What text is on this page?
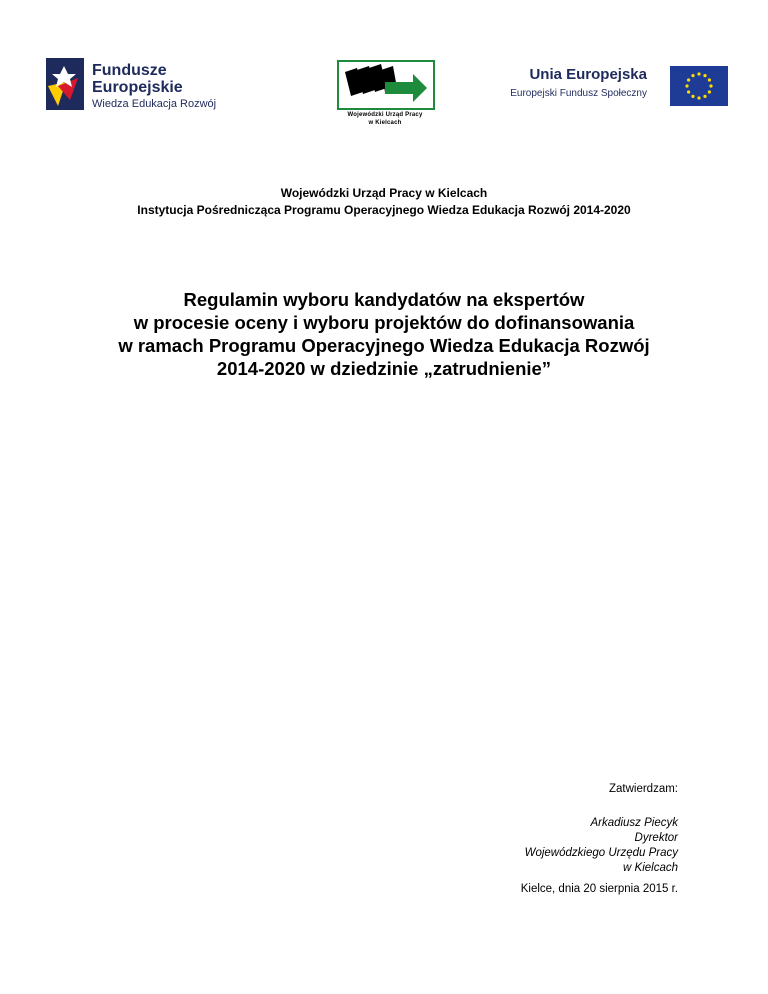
Fundusze
Europejskie
Wiedza Edukacja Rozwój
Wojewódzki Urząd Pracy
w Kielcach
Unia Europejska
Europejski Fundusz Społeczny
Wojewódzki Urząd Pracy w Kielcach
Instytucja Pośrednicząca Programu Operacyjnego Wiedza Edukacja Rozwój 2014-2020
Regulamin wyboru kandydatów na ekspertów
w procesie oceny i wyboru projektów do dofinansowania
w ramach Programu Operacyjnego Wiedza Edukacja Rozwój
2014-2020 w dziedzinie „zatrudnienie”
Zatwierdzam:
Arkadiusz Piecyk
Dyrektor
Wojewódzkiego Urzędu Pracy
w Kielcach
Kielce, dnia 20 sierpnia 2015 r.
